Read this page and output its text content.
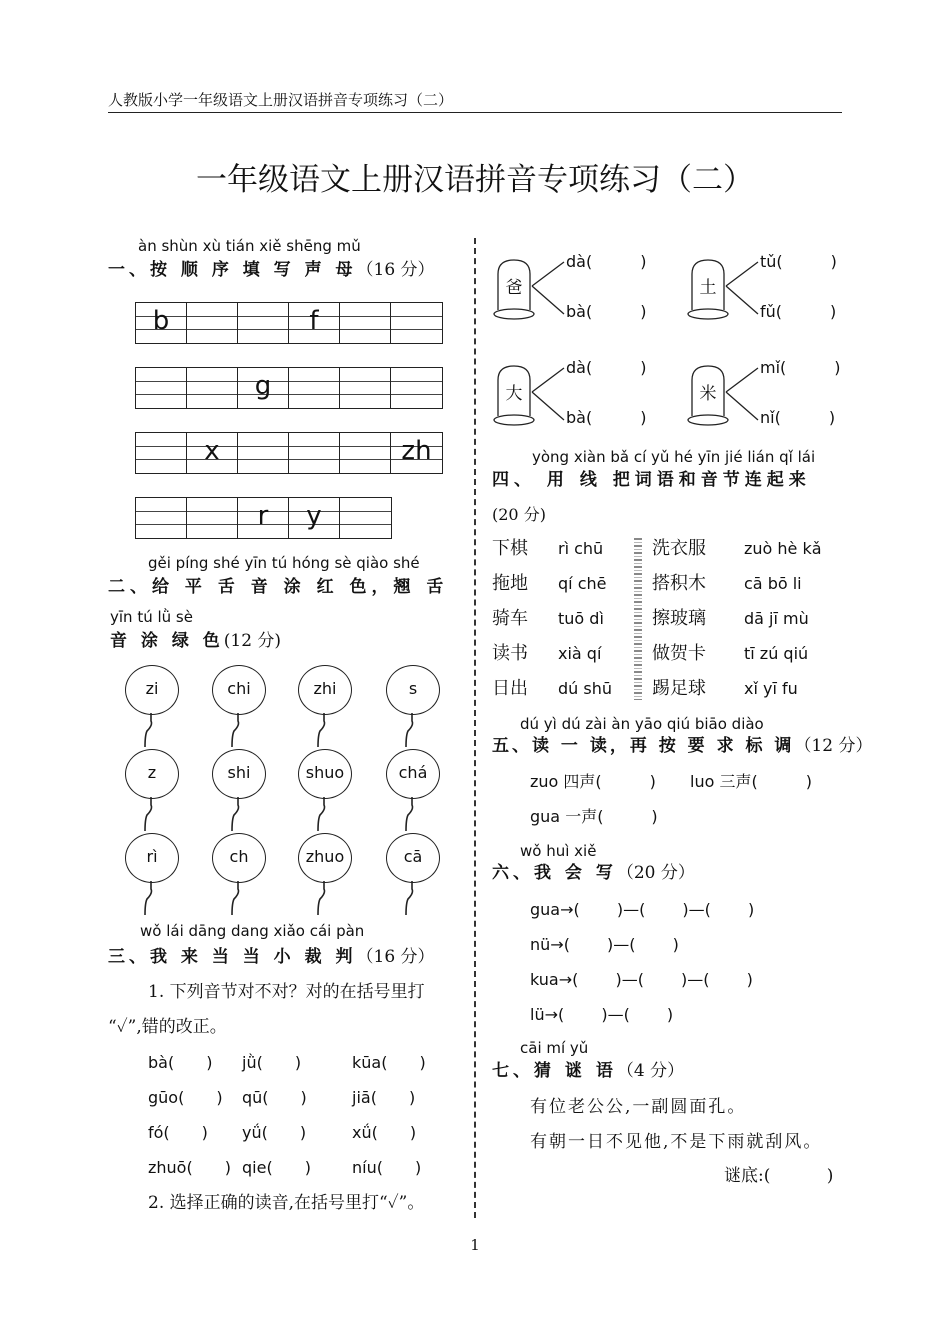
人教版小学一年级语文上册汉语拼音专项练习（二）
一年级语文上册汉语拼音专项练习（二）
àn shùn xù tián xiě shēng mǔ
一、按 顺 序 填 写 声 母（16 分）
b	f
g
x	zh
r	y
gěi píng shé yīn tú hóng sè qiào shé
二、给 平 舌 音 涂 红 色，翘 舌
yīn tú lǜ sè
音 涂 绿 色(12 分)
zi	chi	zhi	s
z	shi	shuo	chá
rì	ch	zhuo	cā
wǒ lái dāng dang xiǎo cái pàn
三、我 来 当 当 小 裁 判（16 分）
1. 下列音节对不对？对的在括号里打
“✓”,错的改正。
bà(　　) jǜ(　　)	kūa(　　)
gūo(　　) qū(　　)	jiā(　　)
fó(　　) yǘ(　　)	xǘ(　　)
zhuō(　　) qie(　　)	níu(　　)
2. 选择正确的读音,在括号里打“✓”。
爸
dà(　　　)
bà(　　　)
土
tǔ(　　　)
fǔ(　　　)
大
dà(　　　)
bà(　　　)
米
mǐ(　　　)
nǐ(　　　)
yòng xiàn bǎ cí yǔ hé yīn jié lián qǐ lái
四、 用 线 把词语和音节连起来
(20 分)
下棋 rì chū	洗衣服 zuò hè kǎ
拖地 qí chē	搭积木 cā bō li
骑车 tuō dì	擦玻璃 dā jī mù
读书 xià qí	做贺卡 tī zú qiú
日出 dú shū 踢足球 xǐ yī fu
dú yì dú zài àn yāo qiú biāo diào
五、读 一 读，再 按 要 求 标 调（12 分）
zuo 四声(　　　) luo 三声(　　　)
gua 一声(　　　)
wǒ huì xiě
六、我 会 写（20 分）
gua→(　　 )—(　　 )—(　　 )
nü→(　　 )—(　　 )
kua→(　　 )—(　　 )—(　　 )
lü→(　　 )—(　　 )
cāi mí yǔ
七、猜 谜 语（4 分）
有位老公公,一副圆面孔。
有朝一日不见他,不是下雨就刮风。
谜底:(　　　 )
1
